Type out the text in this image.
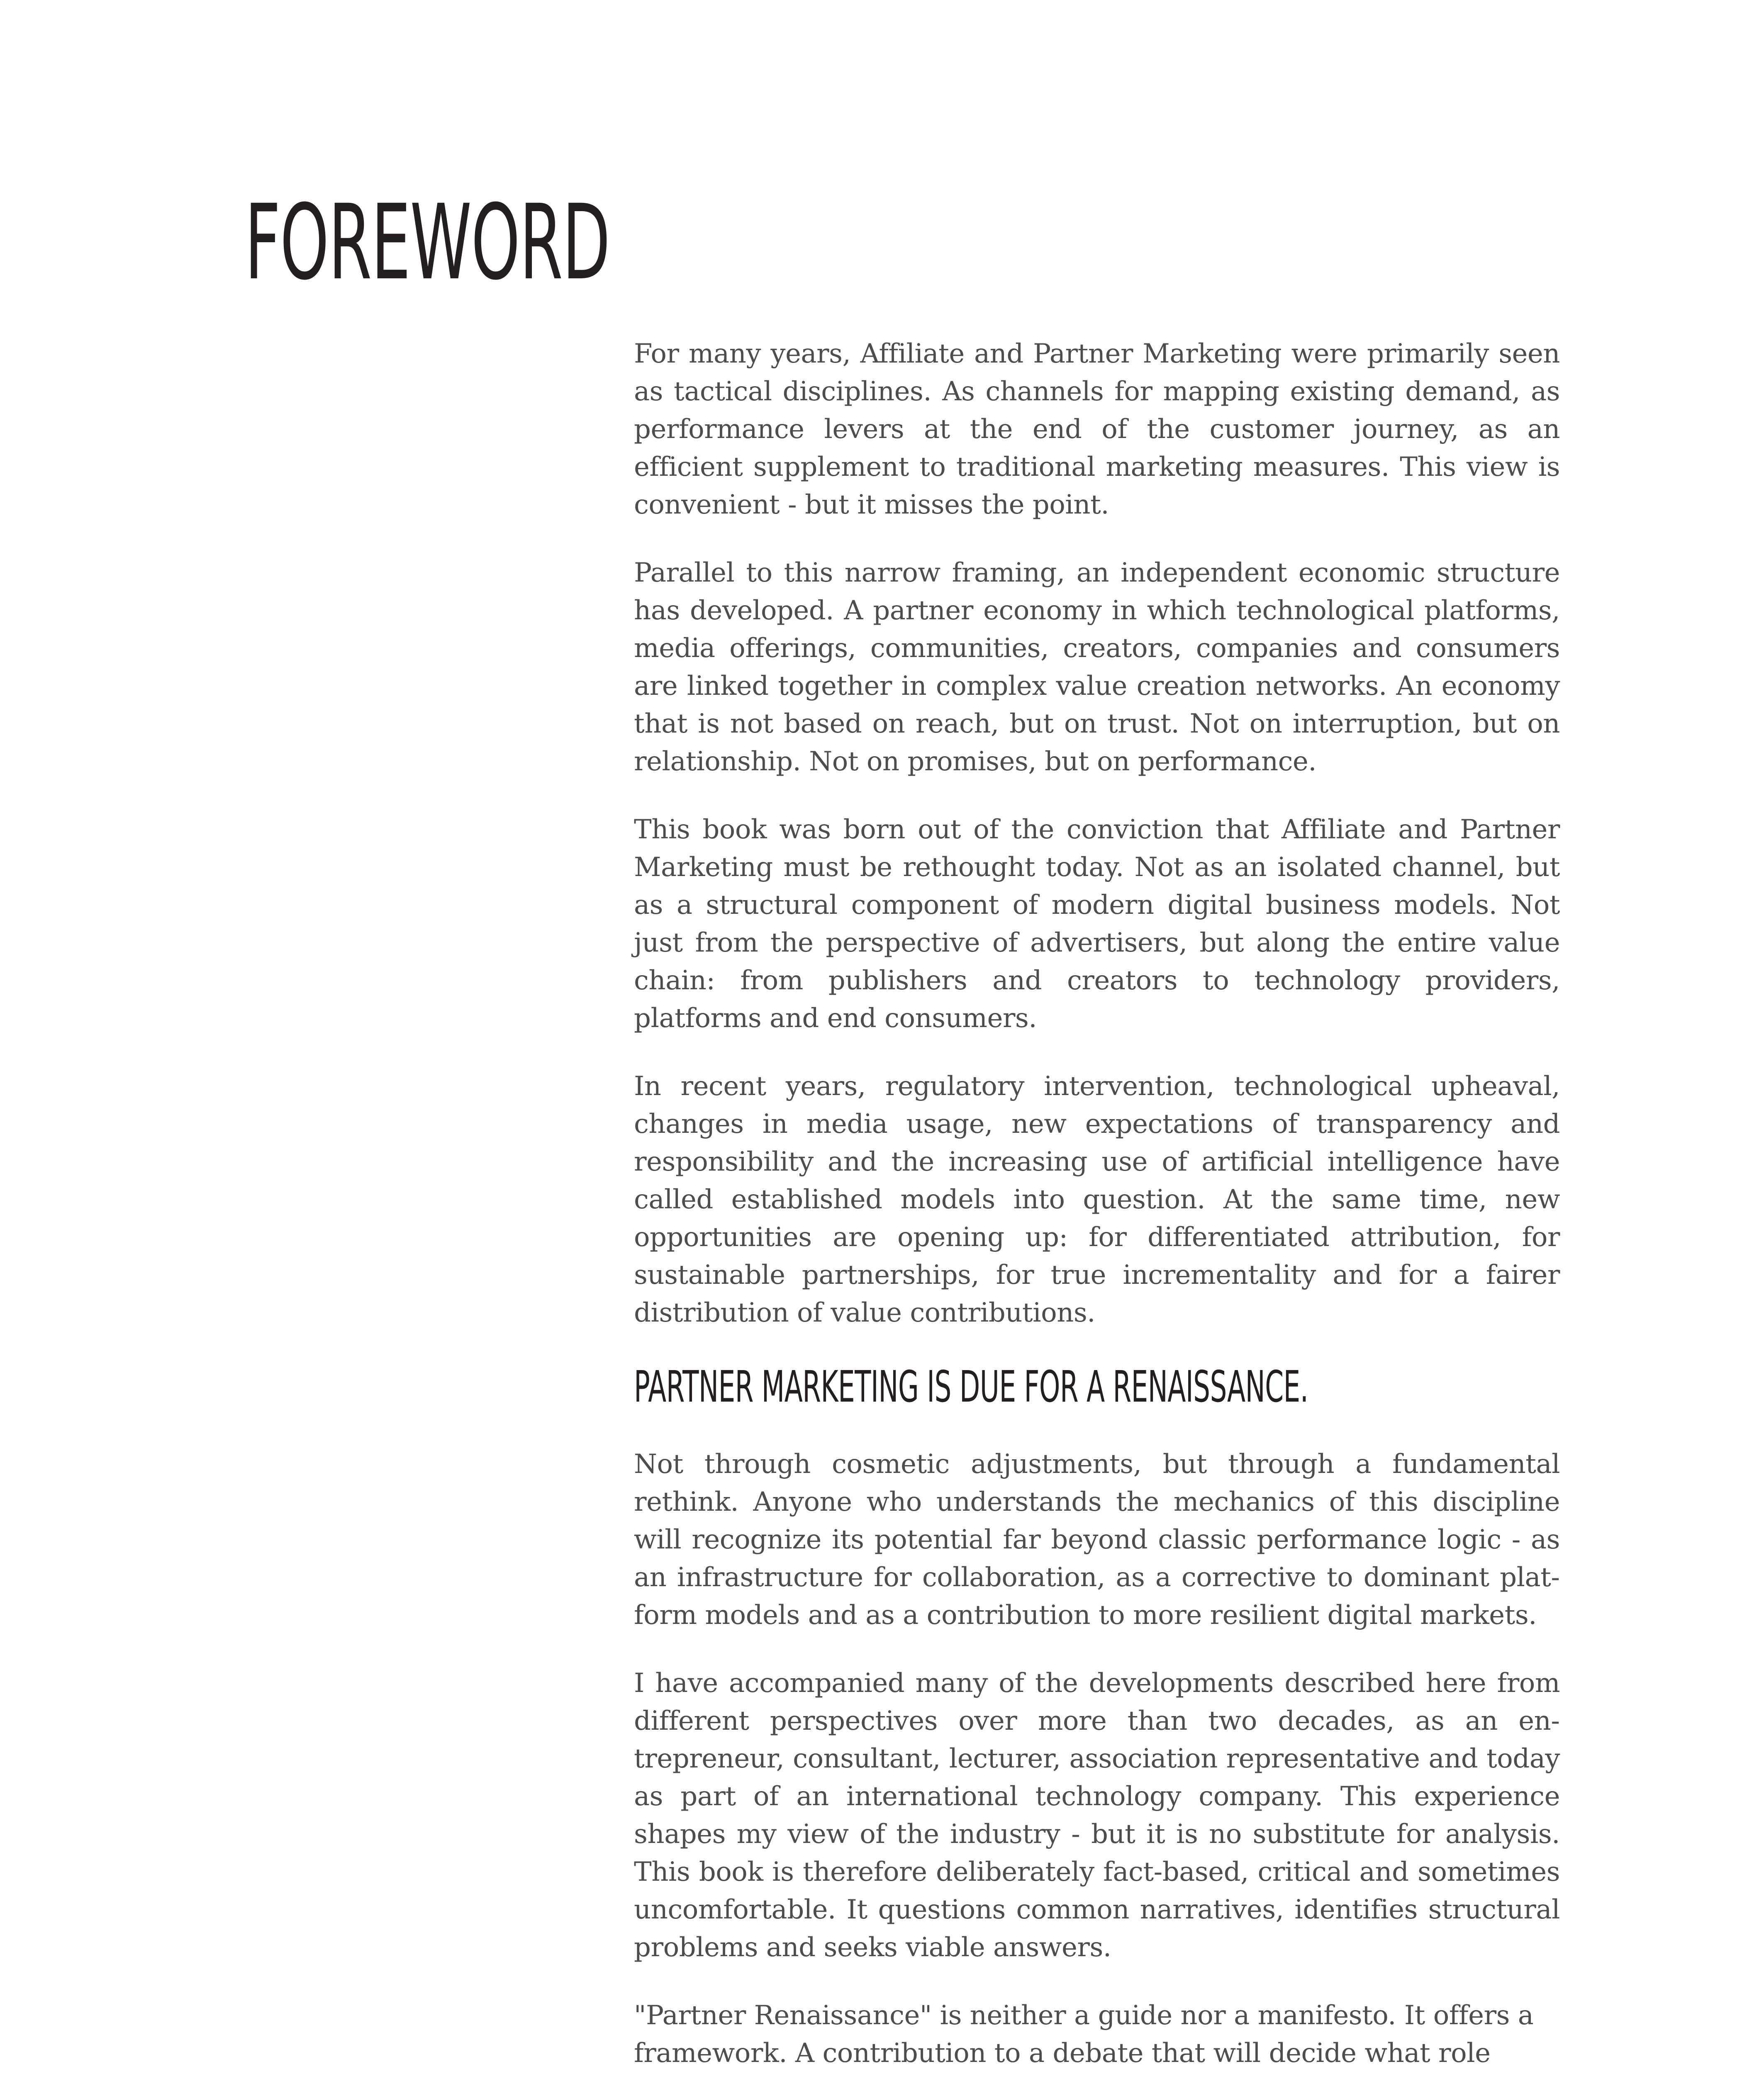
FOREWORD

For many years, Affiliate and Partner Marketing were primarily seen as tactical disciplines. As channels for mapping existing demand, as performance levers at the end of the customer journey, as an efficient supplement to traditional marketing measures. This view is convenient - but it misses the point.

Parallel to this narrow framing, an independent economic structure has developed. A partner economy in which technological platforms, media offerings, communities, creators, companies and consumers are linked together in complex value creation networks. An economy that is not based on reach, but on trust. Not on interruption, but on relationship. Not on promises, but on performance.

This book was born out of the conviction that Affiliate and Partner Marketing must be rethought today. Not as an isolated channel, but as a structural component of modern digital business models. Not just from the perspective of advertisers, but along the entire value chain: from publishers and creators to technology providers, platforms and end consumers.

In recent years, regulatory intervention, technological upheaval, changes in media usage, new expectations of transparency and responsibility and the increasing use of artificial intelligence have called established models into question. At the same time, new opportunities are opening up: for differentiated attribution, for sustainable partnerships, for true incrementality and for a fairer distribution of value contributions.

PARTNER MARKETING IS DUE FOR A RENAISSANCE.

Not through cosmetic adjustments, but through a fundamental rethink. Anyone who understands the mechanics of this discipline will recognize its potential far beyond classic performance logic - as an infrastructure for collaboration, as a corrective to dominant platform models and as a contribution to more resilient digital markets.

I have accompanied many of the developments described here from different perspectives over more than two decades, as an entrepreneur, consultant, lecturer, association representative and today as part of an international technology company. This experience shapes my view of the industry - but it is no substitute for analysis. This book is therefore deliberately fact-based, critical and sometimes uncomfortable. It questions common narratives, identifies structural problems and seeks viable answers.

"Partner Renaissance" is neither a guide nor a manifesto. It offers a framework. A contribution to a debate that will decide what role
